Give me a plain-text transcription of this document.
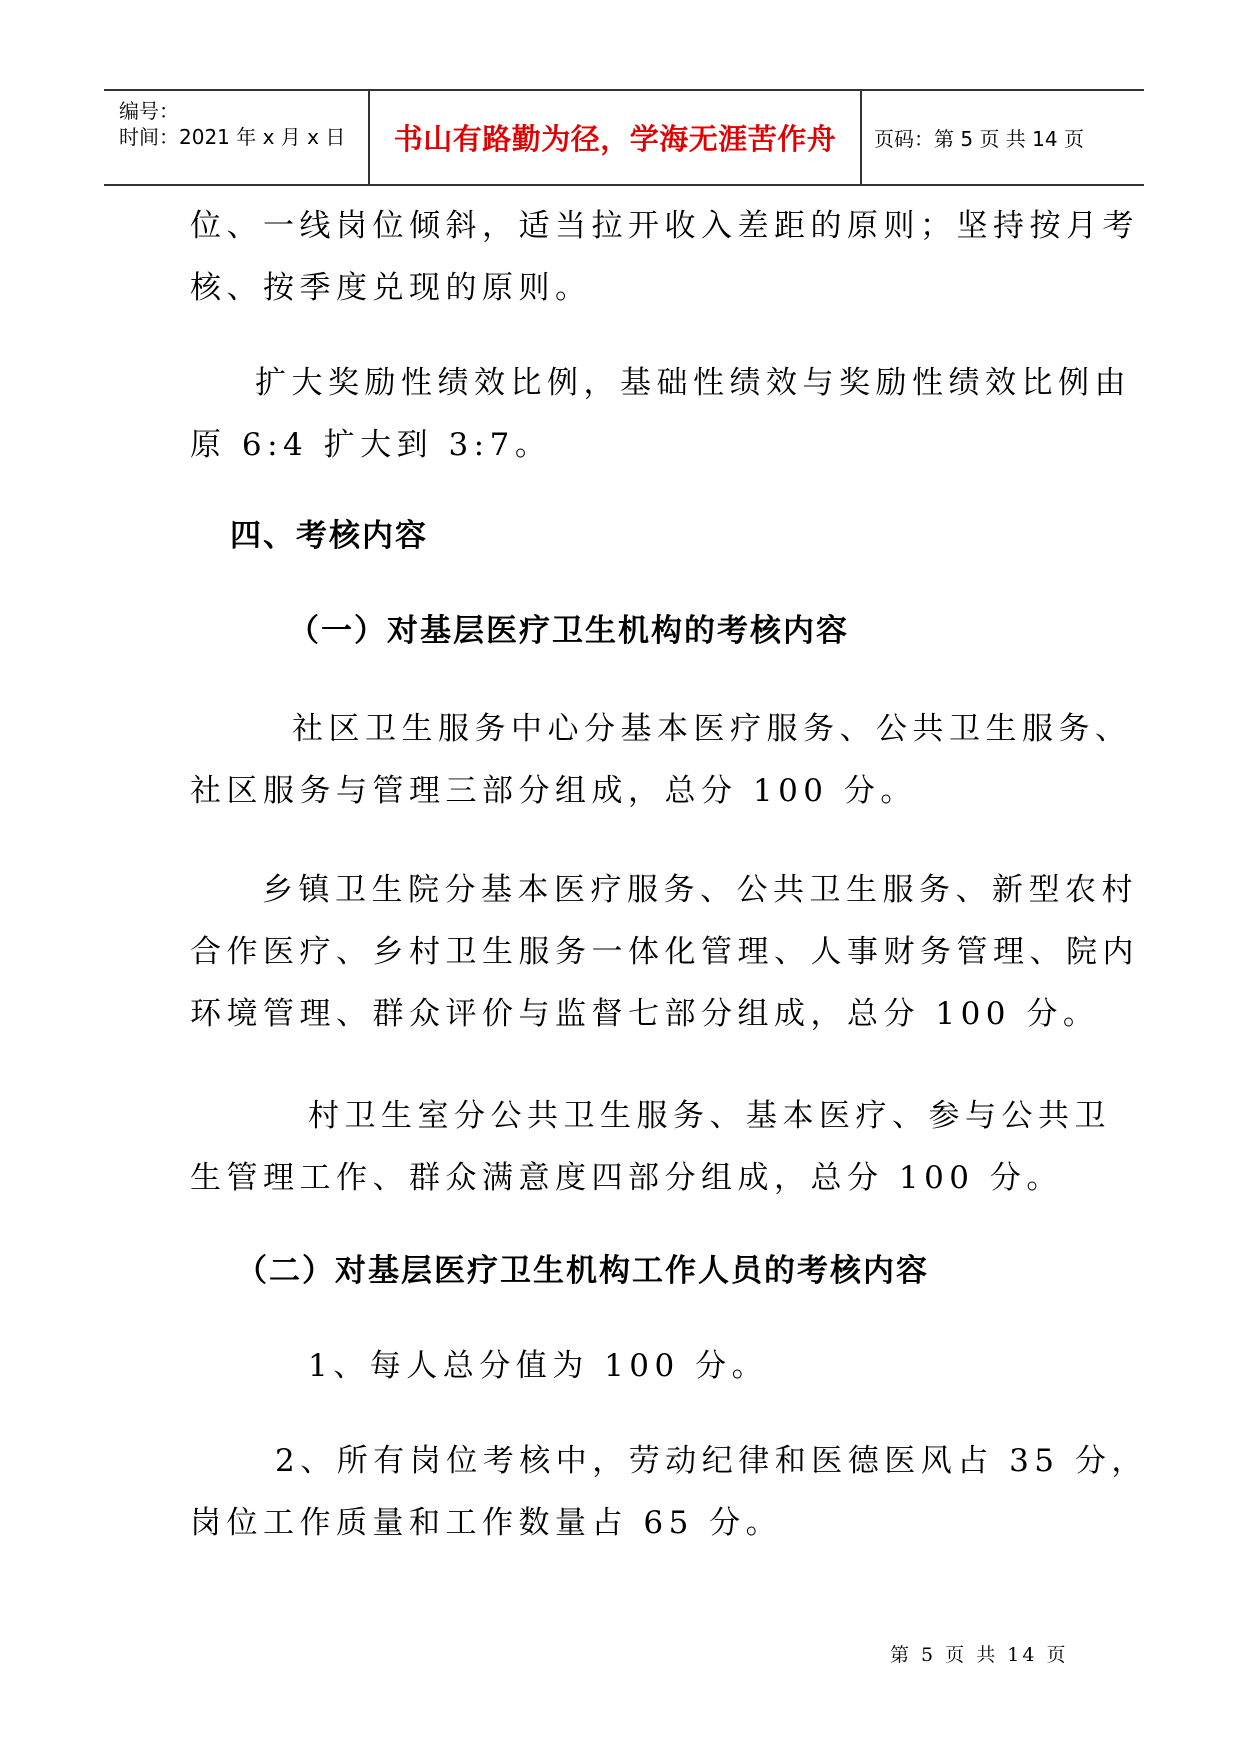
编号：
时间：2021 年 x 月 x 日 书山有路勤为径，学海无涯苦作舟 页码：第 5 页 共 14 页
位、一线岗位倾斜，适当拉开收入差距的原则；坚持按月考
核、按季度兑现的原则。
扩大奖励性绩效比例，基础性绩效与奖励性绩效比例由
原 6:4 扩大到 3:7。
四、考核内容
（一）对基层医疗卫生机构的考核内容
社区卫生服务中心分基本医疗服务、公共卫生服务、
社区服务与管理三部分组成，总分 100 分。
乡镇卫生院分基本医疗服务、公共卫生服务、新型农村
合作医疗、乡村卫生服务一体化管理、人事财务管理、院内
环境管理、群众评价与监督七部分组成，总分 100 分。
村卫生室分公共卫生服务、基本医疗、参与公共卫
生管理工作、群众满意度四部分组成，总分 100 分。
（二）对基层医疗卫生机构工作人员的考核内容
1、每人总分值为 100 分。
2、所有岗位考核中，劳动纪律和医德医风占 35 分，
岗位工作质量和工作数量占 65 分。
第 5 页 共 14 页
